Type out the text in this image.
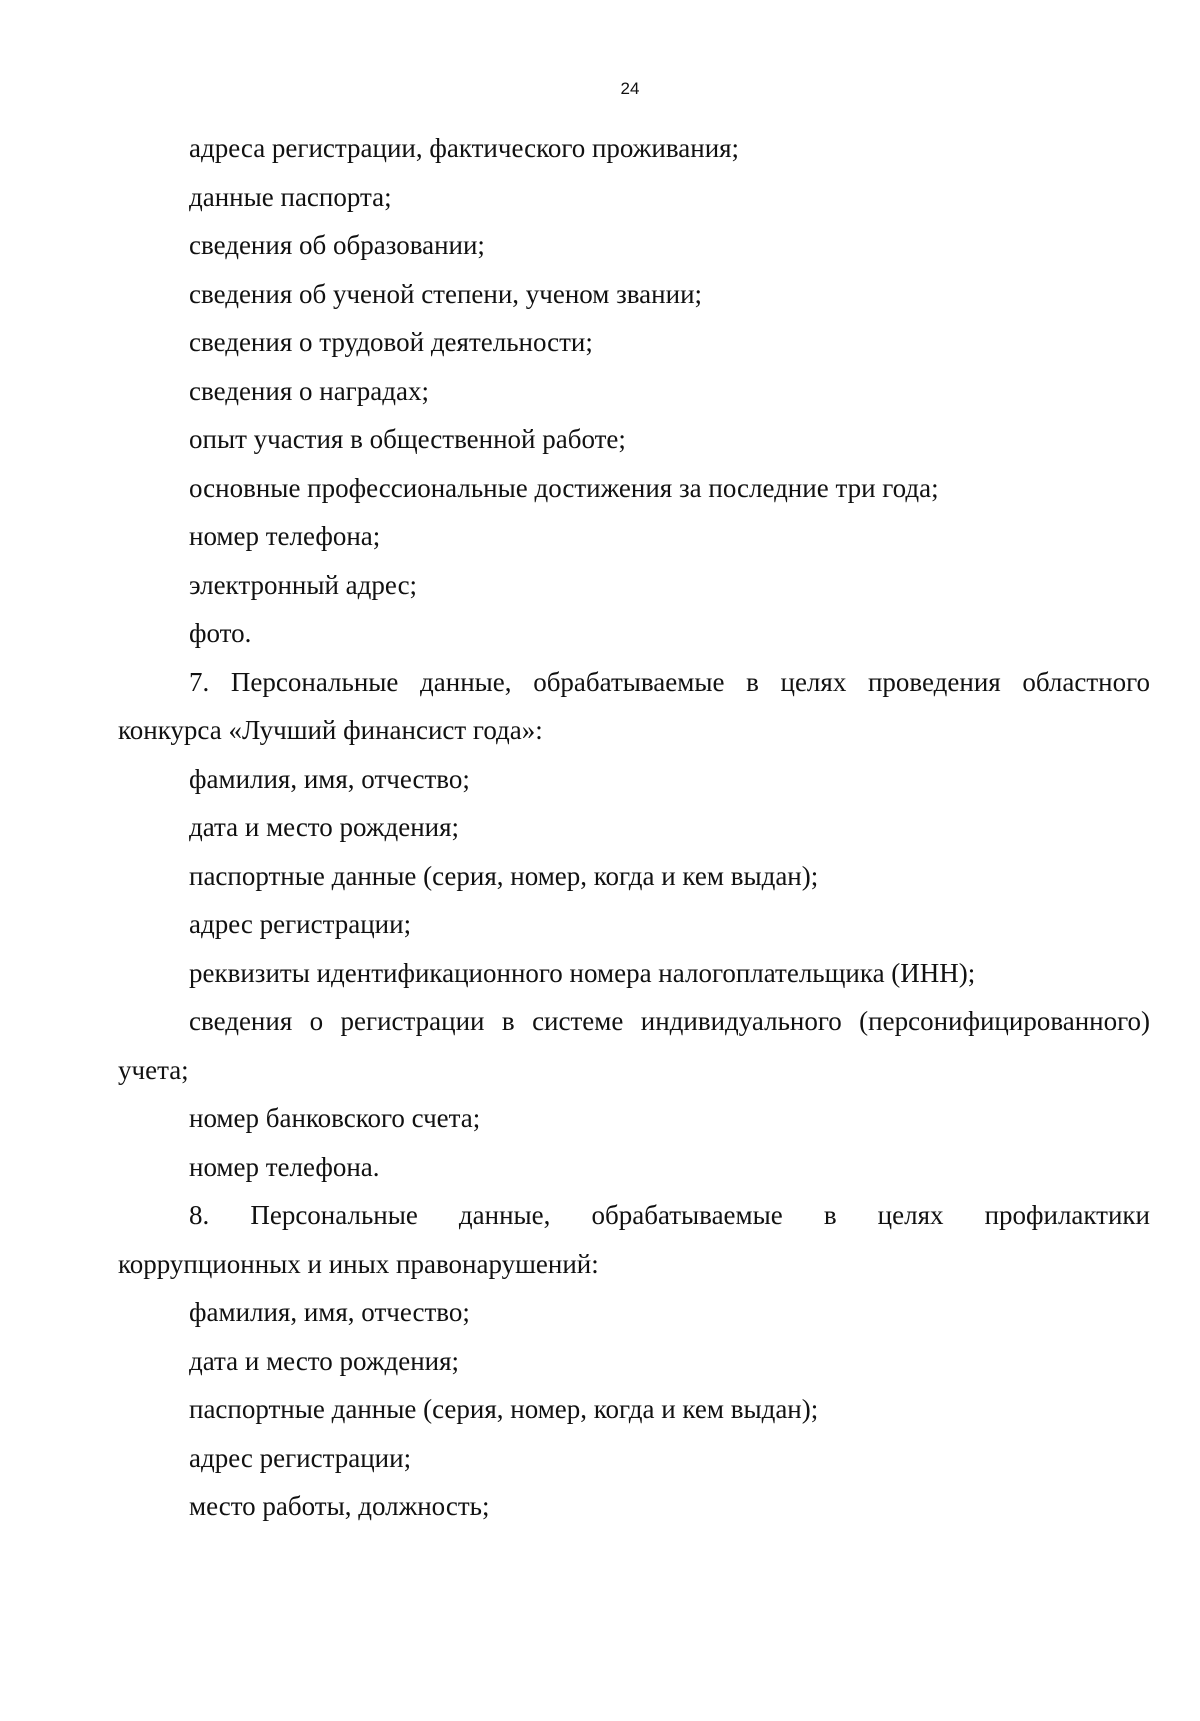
24

адреса регистрации, фактического проживания;

данные паспорта;

сведения об образовании;

сведения об ученой степени, ученом звании;

сведения о трудовой деятельности;

сведения о наградах;

опыт участия в общественной работе;

основные профессиональные достижения за последние три года;

номер телефона;

электронный адрес;

фото.

7. Персональные данные, обрабатываемые в целях проведения областного
конкурса «Лучший финансист года»:

фамилия, имя, отчество;

дата и место рождения;

паспортные данные (серия, номер, когда и кем выдан);

адрес регистрации;

реквизиты идентификационного номера налогоплательщика (ИНН);

сведения о регистрации в системе индивидуального (персонифицированного)
учета;

номер банковского счета;

номер телефона.

8. Персональные данные, обрабатываемые в целях профилактики
коррупционных и иных правонарушений:

фамилия, имя, отчество;

дата и место рождения;

паспортные данные (серия, номер, когда и кем выдан);

адрес регистрации;

место работы, должность;
